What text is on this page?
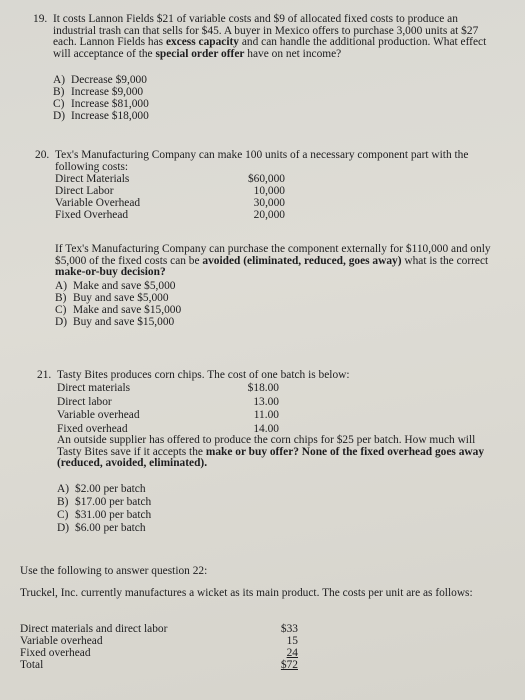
19. It costs Lannon Fields $21 of variable costs and $9 of allocated fixed costs to produce an
industrial trash can that sells for $45. A buyer in Mexico offers to purchase 3,000 units at $27
each. Lannon Fields has excess capacity and can handle the additional production. What effect
will acceptance of the special order offer have on net income?
A) Decrease $9,000
B) Increase $9,000
C) Increase $81,000
D) Increase $18,000
20. Tex's Manufacturing Company can make 100 units of a necessary component part with the
following costs:
Direct Materials	$60,000
Direct Labor	10,000
Variable Overhead	30,000
Fixed Overhead	20,000
If Tex's Manufacturing Company can purchase the component externally for $110,000 and only
$5,000 of the fixed costs can be avoided (eliminated, reduced, goes away) what is the correct
make-or-buy decision?
A) Make and save $5,000
B) Buy and save $5,000
C) Make and save $15,000
D) Buy and save $15,000
21. Tasty Bites produces corn chips. The cost of one batch is below:
Direct materials	$18.00
Direct labor	13.00
Variable overhead	11.00
Fixed overhead	14.00
An outside supplier has offered to produce the corn chips for $25 per batch. How much will
Tasty Bites save if it accepts the make or buy offer? None of the fixed overhead goes away
(reduced, avoided, eliminated).
A) $2.00 per batch
B) $17.00 per batch
C) $31.00 per batch
D) $6.00 per batch
Use the following to answer question 22:
Truckel, Inc. currently manufactures a wicket as its main product. The costs per unit are as follows:
Direct materials and direct labor	$33
Variable overhead	15
Fixed overhead	24
Total	$72
